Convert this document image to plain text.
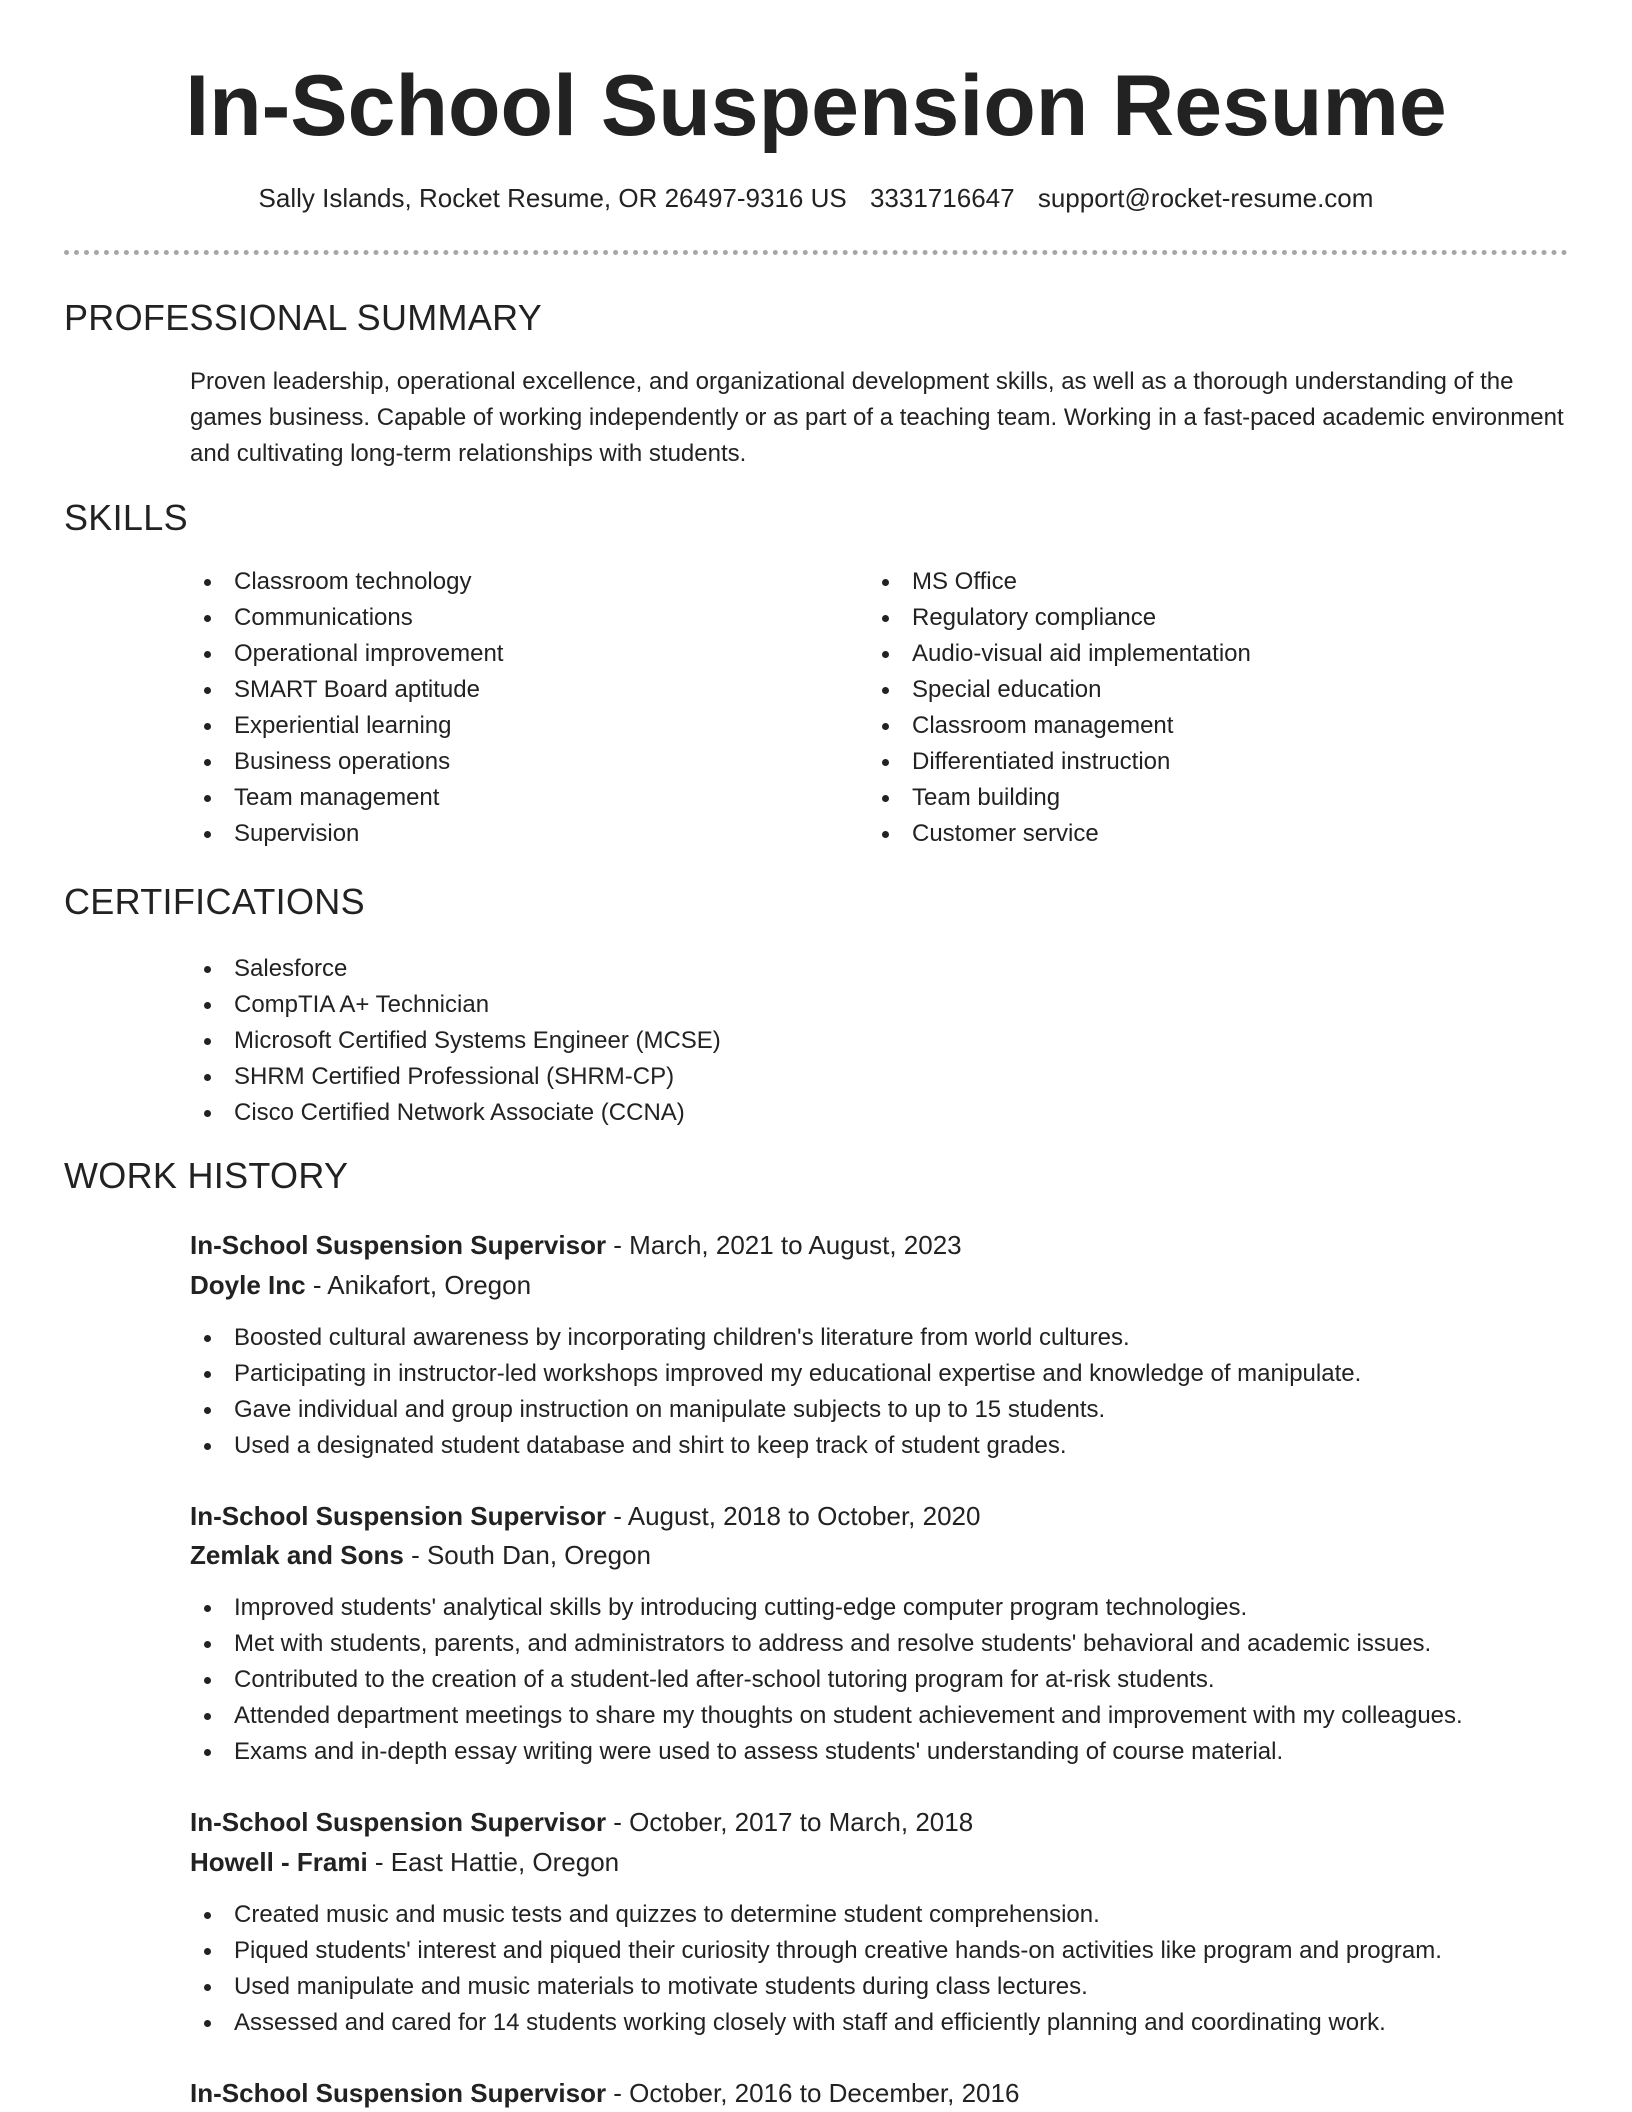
In-School Suspension Resume
Sally Islands, Rocket Resume, OR 26497-9316 US 3331716647 support@rocket-resume.com
PROFESSIONAL SUMMARY

Proven leadership, operational excellence, and organizational development skills, as well as a thorough understanding of the games business. Capable of working independently or as part of a teaching team. Working in a fast-paced academic environment and cultivating long-term relationships with students.

SKILLS
Classroom technology
Communications
Operational improvement
SMART Board aptitude
Experiential learning
Business operations
Team management
Supervision
MS Office
Regulatory compliance
Audio-visual aid implementation
Special education
Classroom management
Differentiated instruction
Team building
Customer service
CERTIFICATIONS
Salesforce
CompTIA A+ Technician
Microsoft Certified Systems Engineer (MCSE)
SHRM Certified Professional (SHRM-CP)
Cisco Certified Network Associate (CCNA)
WORK HISTORY
In-School Suspension Supervisor - March, 2021 to August, 2023
Doyle Inc - Anikafort, Oregon
Boosted cultural awareness by incorporating children's literature from world cultures.
Participating in instructor-led workshops improved my educational expertise and knowledge of manipulate.
Gave individual and group instruction on manipulate subjects to up to 15 students.
Used a designated student database and shirt to keep track of student grades.
In-School Suspension Supervisor - August, 2018 to October, 2020
Zemlak and Sons - South Dan, Oregon
Improved students' analytical skills by introducing cutting-edge computer program technologies.
Met with students, parents, and administrators to address and resolve students' behavioral and academic issues.
Contributed to the creation of a student-led after-school tutoring program for at-risk students.
Attended department meetings to share my thoughts on student achievement and improvement with my colleagues.
Exams and in-depth essay writing were used to assess students' understanding of course material.
In-School Suspension Supervisor - October, 2017 to March, 2018
Howell - Frami - East Hattie, Oregon
Created music and music tests and quizzes to determine student comprehension.
Piqued students' interest and piqued their curiosity through creative hands-on activities like program and program.
Used manipulate and music materials to motivate students during class lectures.
Assessed and cared for 14 students working closely with staff and efficiently planning and coordinating work.
In-School Suspension Supervisor - October, 2016 to December, 2016
